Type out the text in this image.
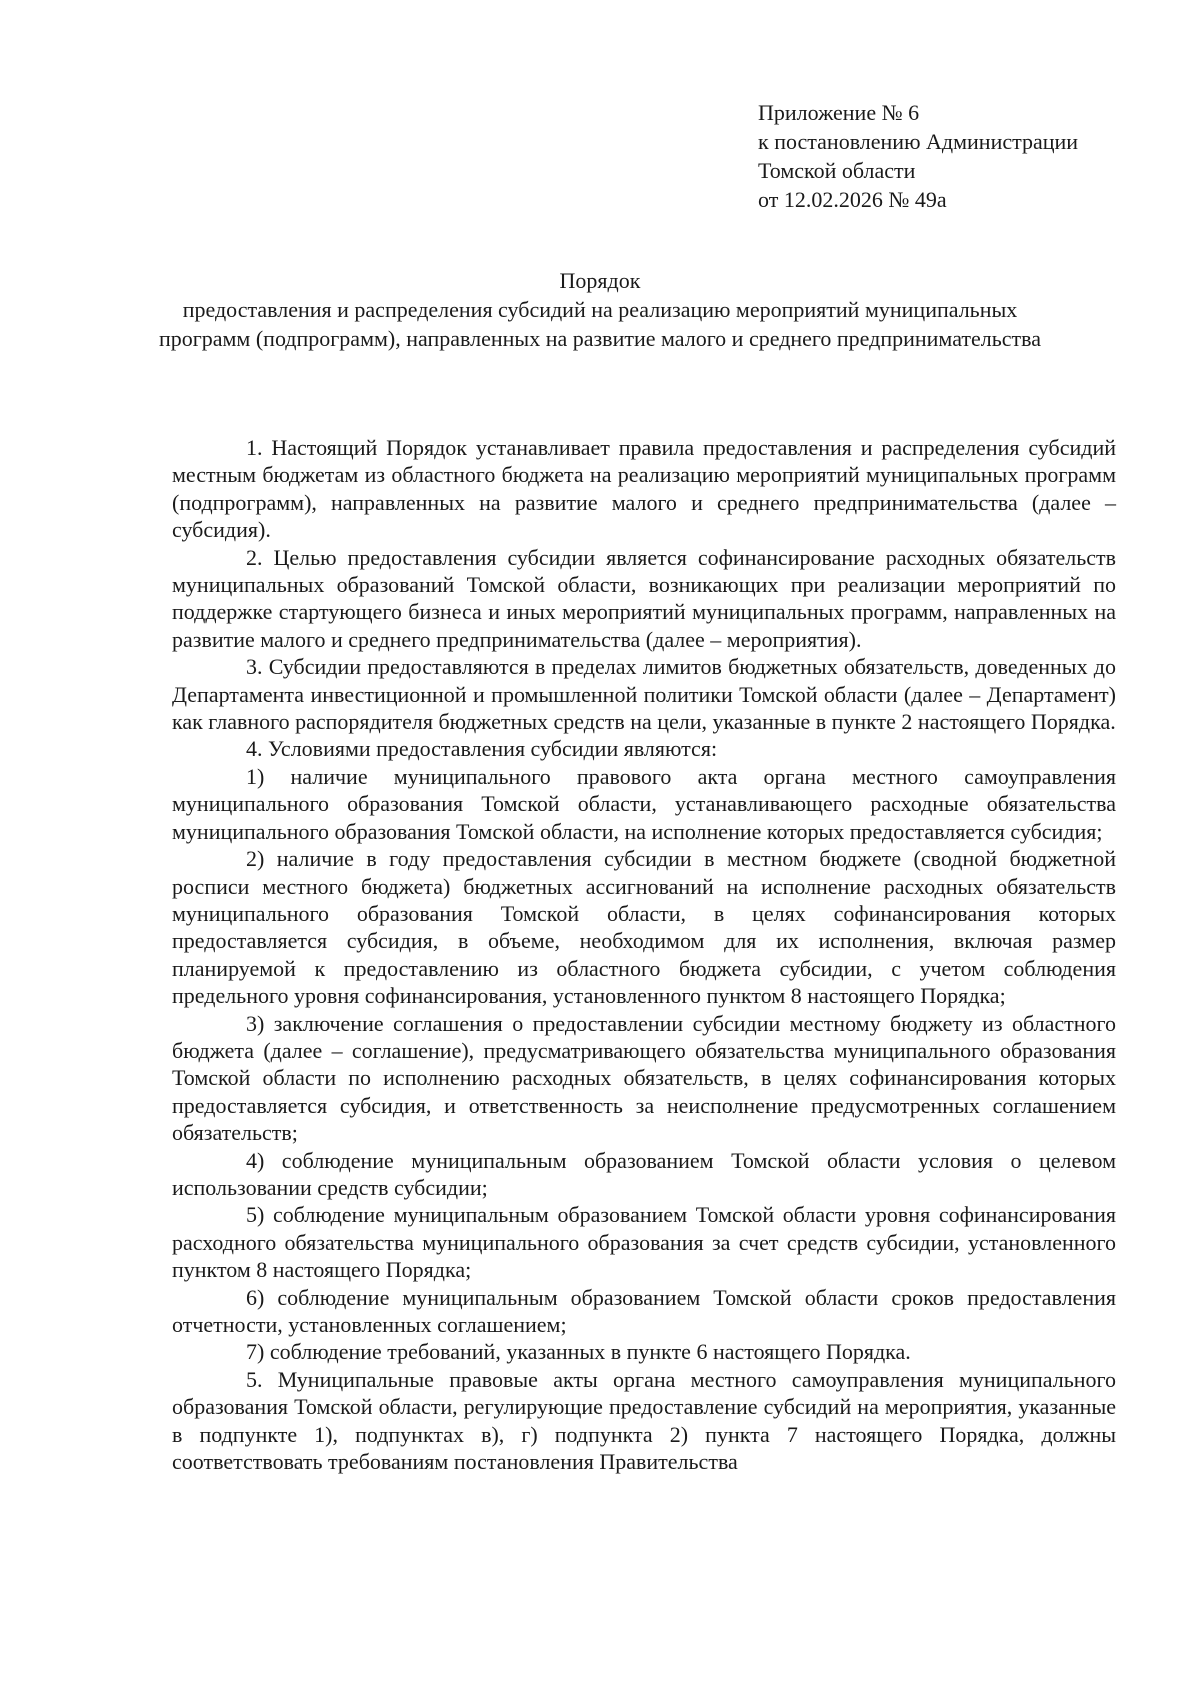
Приложение № 6
к постановлению Администрации
Томской области
от 12.02.2026 № 49а
Порядок
предоставления и распределения субсидий на реализацию мероприятий муниципальных программ (подпрограмм), направленных на развитие малого и среднего предпринимательства

1. Настоящий Порядок устанавливает правила предоставления и распределения субсидий местным бюджетам из областного бюджета на реализацию мероприятий муниципальных программ (подпрограмм), направленных на развитие малого и среднего предпринимательства (далее – субсидия).

2. Целью предоставления субсидии является софинансирование расходных обязательств муниципальных образований Томской области, возникающих при реализации мероприятий по поддержке стартующего бизнеса и иных мероприятий муниципальных программ, направленных на развитие малого и среднего предпринимательства (далее – мероприятия).

3. Субсидии предоставляются в пределах лимитов бюджетных обязательств, доведенных до Департамента инвестиционной и промышленной политики Томской области (далее – Департамент) как главного распорядителя бюджетных средств на цели, указанные в пункте 2 настоящего Порядка.

4. Условиями предоставления субсидии являются:

1) наличие муниципального правового акта органа местного самоуправления муниципального образования Томской области, устанавливающего расходные обязательства муниципального образования Томской области, на исполнение которых предоставляется субсидия;

2) наличие в году предоставления субсидии в местном бюджете (сводной бюджетной росписи местного бюджета) бюджетных ассигнований на исполнение расходных обязательств муниципального образования Томской области, в целях софинансирования которых предоставляется субсидия, в объеме, необходимом для их исполнения, включая размер планируемой к предоставлению из областного бюджета субсидии, с учетом соблюдения предельного уровня софинансирования, установленного пунктом 8 настоящего Порядка;

3) заключение соглашения о предоставлении субсидии местному бюджету из областного бюджета (далее – соглашение), предусматривающего обязательства муниципального образования Томской области по исполнению расходных обязательств, в целях софинансирования которых предоставляется субсидия, и ответственность за неисполнение предусмотренных соглашением обязательств;

4) соблюдение муниципальным образованием Томской области условия о целевом использовании средств субсидии;

5) соблюдение муниципальным образованием Томской области уровня софинансирования расходного обязательства муниципального образования за счет средств субсидии, установленного пунктом 8 настоящего Порядка;

6) соблюдение муниципальным образованием Томской области сроков предоставления отчетности, установленных соглашением;

7) соблюдение требований, указанных в пункте 6 настоящего Порядка.

5. Муниципальные правовые акты органа местного самоуправления муниципального образования Томской области, регулирующие предоставление субсидий на мероприятия, указанные в подпункте 1), подпунктах в), г) подпункта 2) пункта 7 настоящего Порядка, должны соответствовать требованиям постановления Правительства
